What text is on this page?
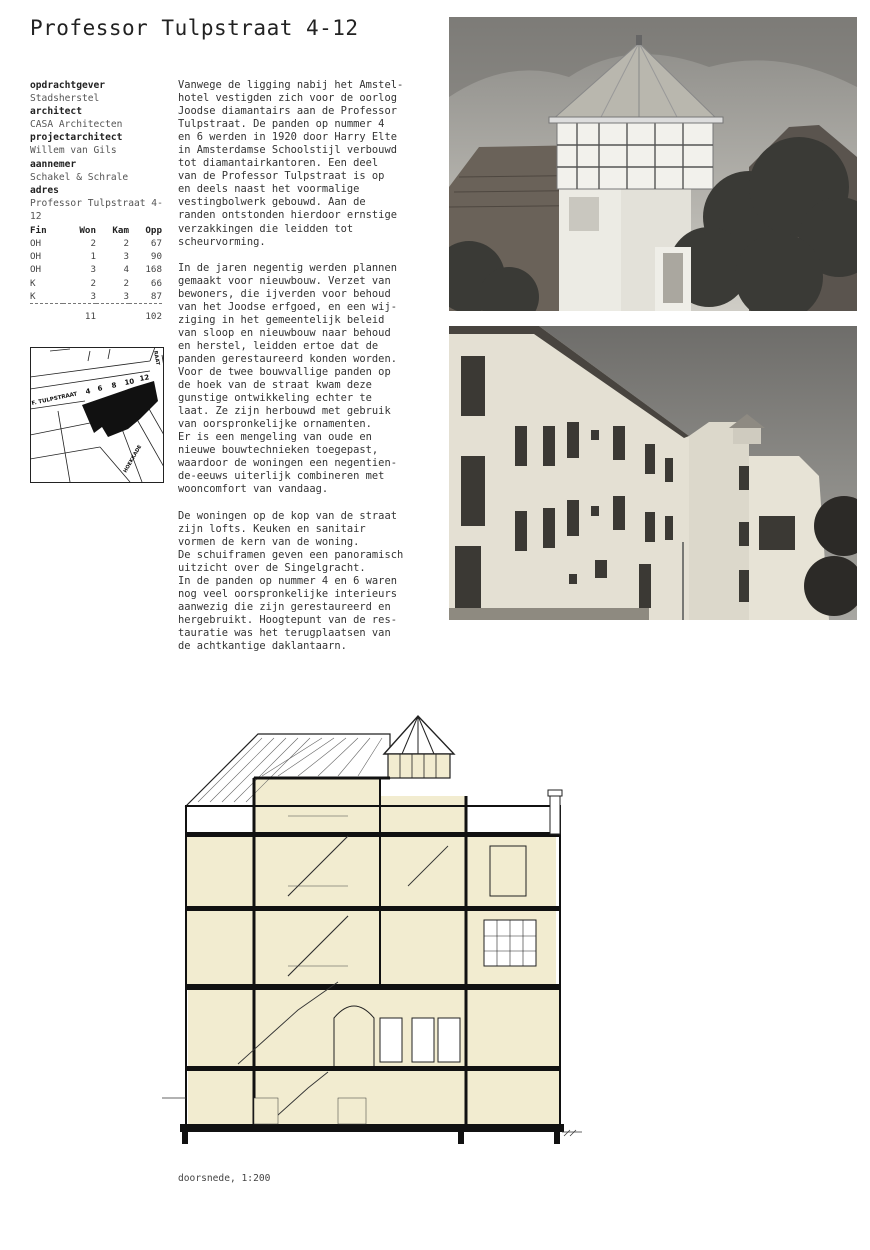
Professor Tulpstraat 4-12
opdrachtgever
Stadsherstel
architect
CASA Architecten
projectarchitect
Willem van Gils
aannemer
Schakel & Schrale
adres
Professor Tulpstraat 4-12
Fin	Won	Kam	Opp
OH	2	2	67
OH	1	3	90
OH	3	4	168
K	2	2	66
K	3	3	87

	11		102
F. TULPSTRAAT 4 6 8 10 12
HOEKKADE
RAAT

Vanwege de ligging nabij het Amstel-
hotel vestigden zich voor de oorlog
Joodse diamantairs aan de Professor
Tulpstraat. De panden op nummer 4
en 6 werden in 1920 door Harry Elte
in Amsterdamse Schoolstijl verbouwd
tot diamantairkantoren. Een deel
van de Professor Tulpstraat is op
en deels naast het voormalige
vestingbolwerk gebouwd. Aan de
randen ontstonden hierdoor ernstige
verzakkingen die leidden tot
scheurvorming.

In de jaren negentig werden plannen
gemaakt voor nieuwbouw. Verzet van
bewoners, die ijverden voor behoud
van het Joodse erfgoed, en een wij-
ziging in het gemeentelijk beleid
van sloop en nieuwbouw naar behoud
en herstel, leidden ertoe dat de
panden gerestaureerd konden worden.
Voor de twee bouwvallige panden op
de hoek van de straat kwam deze
gunstige ontwikkeling echter te
laat. Ze zijn herbouwd met gebruik
van oorspronkelijke ornamenten.
Er is een mengeling van oude en
nieuwe bouwtechnieken toegepast,
waardoor de woningen een negentien-
de-eeuws uiterlijk combineren met
wooncomfort van vandaag.

De woningen op de kop van de straat
zijn lofts. Keuken en sanitair
vormen de kern van de woning.
De schuiframen geven een panoramisch
uitzicht over de Singelgracht.
In de panden op nummer 4 en 6 waren
nog veel oorspronkelijke interieurs
aanwezig die zijn gerestaureerd en
hergebruikt. Hoogtepunt van de res-
tauratie was het terugplaatsen van
de achtkantige daklantaarn.

doorsnede, 1:200
